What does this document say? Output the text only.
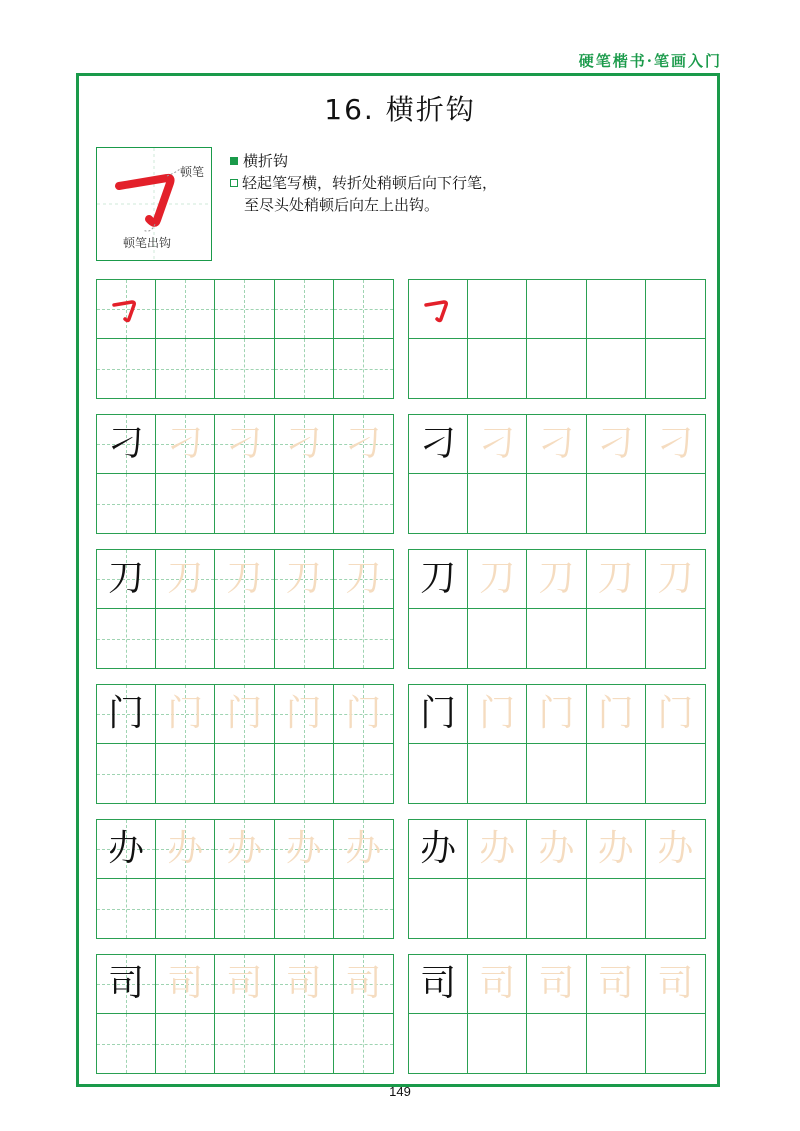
硬笔楷书·笔画入门
16. 横折钩
顿笔
顿笔出钩
横折钩
轻起笔写横，转折处稍顿后向下行笔，
至尽头处稍顿后向左上出钩。
刁 刁 刁 刁 刁 刁 刁 刁 刁 刁
刀 刀 刀 刀 刀 刀 刀 刀 刀 刀
门 门 门 门 门 门 门 门 门 门
办 办 办 办 办 办 办 办 办 办
司 司 司 司 司 司 司 司 司 司
149
